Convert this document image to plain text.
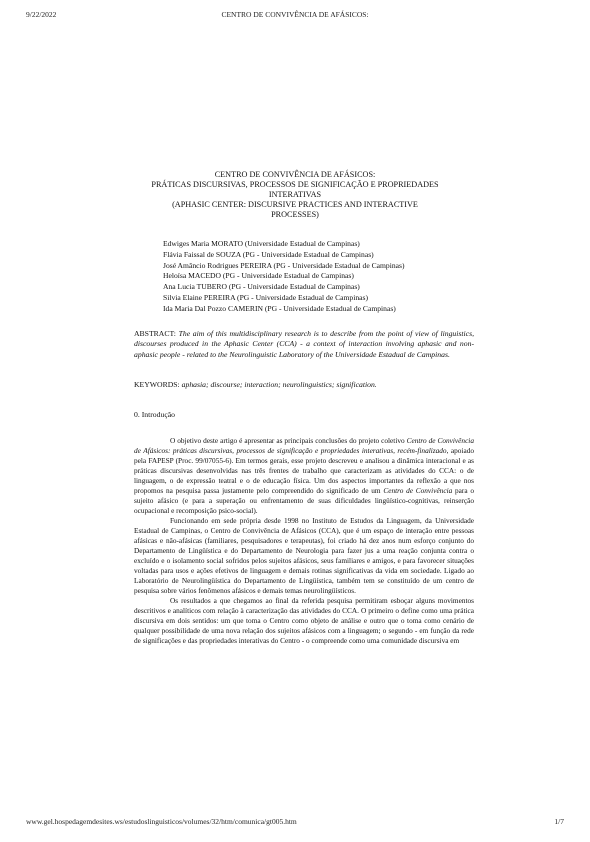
9/22/2022	CENTRO DE CONVIVÊNCIA DE AFÁSICOS:
CENTRO DE CONVIVÊNCIA DE AFÁSICOS:
PRÁTICAS DISCURSIVAS, PROCESSOS DE SIGNIFICAÇÃO E PROPRIEDADES
INTERATIVAS
(APHASIC CENTER: DISCURSIVE PRACTICES AND INTERACTIVE
PROCESSES)
Edwiges Maria MORATO (Universidade Estadual de Campinas)
Flávia Faissal de SOUZA (PG - Universidade Estadual de Campinas)
José Amâncio Rodrigues PEREIRA (PG - Universidade Estadual de Campinas)
Heloísa MACEDO (PG - Universidade Estadual de Campinas)
Ana Lucia TUBERO (PG - Universidade Estadual de Campinas)
Silvia Elaine PEREIRA (PG - Universidade Estadual de Campinas)
Ida Maria Dal Pozzo CAMERIN (PG - Universidade Estadual de Campinas)
ABSTRACT: The aim of this multidisciplinary research is to describe from the point of view of linguistics, discourses produced in the Aphasic Center (CCA) - a context of interaction involving aphasic and non-aphasic people - related to the Neurolinguistic Laboratory of the Universidade Estadual de Campinas.
KEYWORDS: aphasia; discourse; interaction; neurolinguistics; signification.
0. Introdução

O objetivo deste artigo é apresentar as principais conclusões do projeto coletivo Centro de Convivência de Afásicos: práticas discursivas, processos de significação e propriedades interativas, recém-finalizado, apoiado pela FAPESP (Proc. 99/07055-6). Em termos gerais, esse projeto descreveu e analisou a dinâmica interacional e as práticas discursivas desenvolvidas nas três frentes de trabalho que caracterizam as atividades do CCA: o de linguagem, o de expressão teatral e o de educação física. Um dos aspectos importantes da reflexão a que nos propomos na pesquisa passa justamente pelo compreendido do significado de um Centro de Convivência para o sujeito afásico (e para a superação ou enfrentamento de suas dificuldades lingüístico-cognitivas, reinserção ocupacional e recomposição psico-social).

Funcionando em sede própria desde 1998 no Instituto de Estudos da Linguagem, da Universidade Estadual de Campinas, o Centro de Convivência de Afásicos (CCA), que é um espaço de interação entre pessoas afásicas e não-afásicas (familiares, pesquisadores e terapeutas), foi criado há dez anos num esforço conjunto do Departamento de Lingüística e do Departamento de Neurologia para fazer jus a uma reação conjunta contra o excluído e o isolamento social sofridos pelos sujeitos afásicos, seus familiares e amigos, e para favorecer situações voltadas para usos e ações efetivos de linguagem e demais rotinas significativas da vida em sociedade. Ligado ao Laboratório de Neurolingüística do Departamento de Lingüística, também tem se constituído de um centro de pesquisa sobre vários fenômenos afásicos e demais temas neurolingüísticos.

Os resultados a que chegamos ao final da referida pesquisa permitiram esboçar alguns movimentos descritivos e analíticos com relação à caracterização das atividades do CCA. O primeiro o define como uma prática discursiva em dois sentidos: um que toma o Centro como objeto de análise e outro que o toma como cenário de qualquer possibilidade de uma nova relação dos sujeitos afásicos com a linguagem; o segundo - em função da rede de significações e das propriedades interativas do Centro - o compreende como uma comunidade discursiva em

www.gel.hospedagemdesites.ws/estudoslinguisticos/volumes/32/htm/comunica/gt005.htm	1/7
